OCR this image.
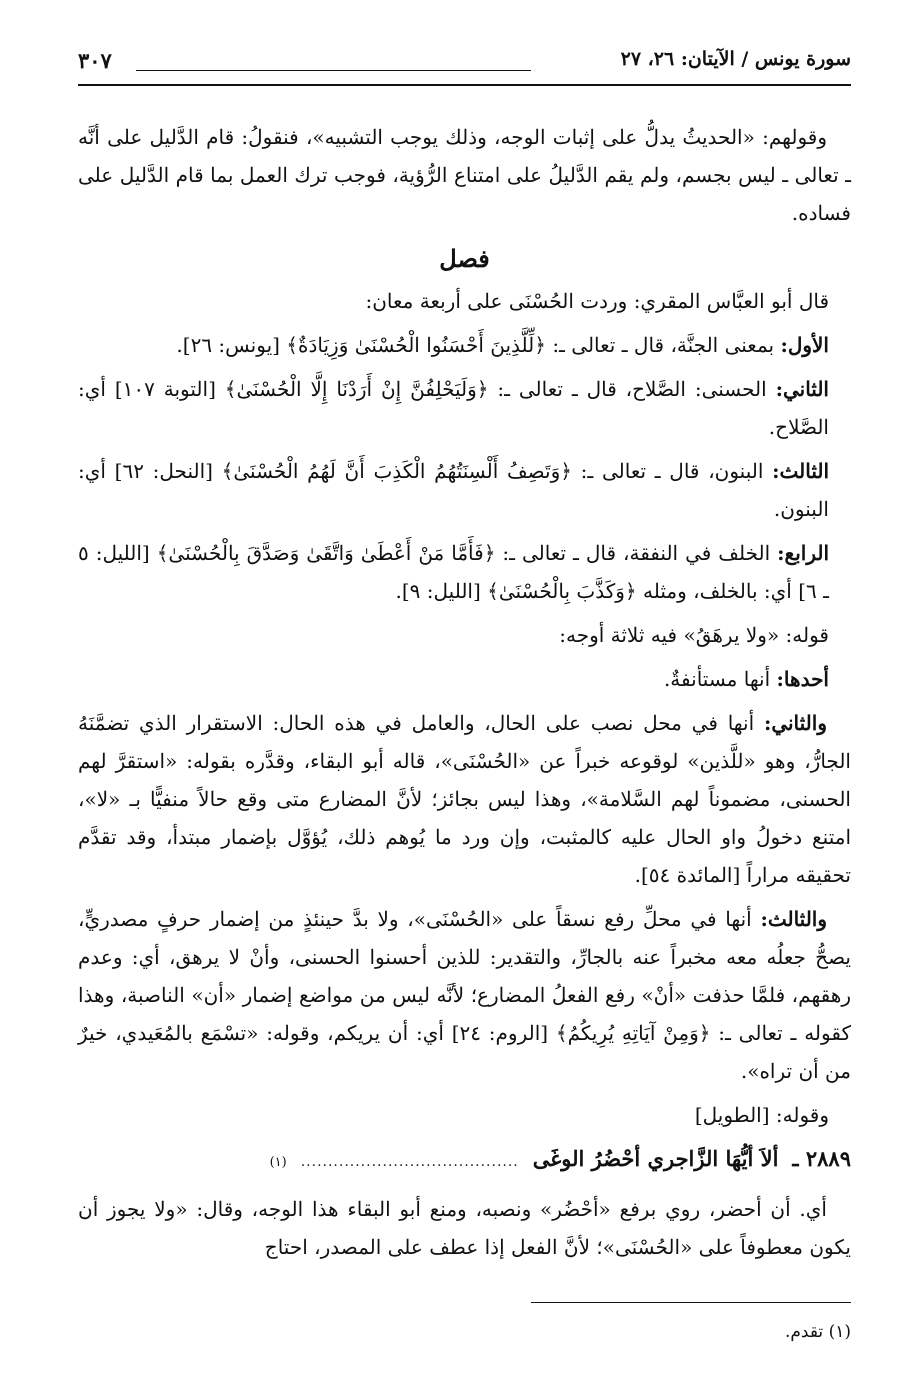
سورة يونس / الآيتان: ٢٦، ٢٧
٣٠٧

وقولهم: «الحديثُ يدلُّ على إثبات الوجه، وذلك يوجب التشبيه»، فنقولُ: قام الدَّليل على أنَّه ـ تعالى ـ ليس بجسم، ولم يقم الدَّليلُ على امتناع الرُّؤية، فوجب ترك العمل بما قام الدَّليل على فساده.

فصل

قال أبو العبَّاس المقري: وردت الحُسْنَى على أربعة معان:

الأول: بمعنى الجنَّة، قال ـ تعالى ـ: ﴿لِّلَّذِينَ أَحْسَنُوا الْحُسْنَىٰ وَزِيَادَةٌ﴾ [يونس: ٢٦].

الثاني: الحسنى: الصَّلاح، قال ـ تعالى ـ: ﴿وَلَيَحْلِفُنَّ إِنْ أَرَدْنَا إِلَّا الْحُسْنَىٰ﴾ [التوبة ١٠٧] أي: الصَّلاح.

الثالث: البنون، قال ـ تعالى ـ: ﴿وَتَصِفُ أَلْسِنَتُهُمُ الْكَذِبَ أَنَّ لَهُمُ الْحُسْنَىٰ﴾ [النحل: ٦٢] أي: البنون.

الرابع: الخلف في النفقة، قال ـ تعالى ـ: ﴿فَأَمَّا مَنْ أَعْطَىٰ وَاتَّقَىٰ وَصَدَّقَ بِالْحُسْنَىٰ﴾ [الليل: ٥ ـ ٦] أي: بالخلف، ومثله ﴿وَكَذَّبَ بِالْحُسْنَىٰ﴾ [الليل: ٩].

قوله: «ولا يرهَقُ» فيه ثلاثة أوجه:

أحدها: أنها مستأنفةٌ.

والثاني: أنها في محل نصب على الحال، والعامل في هذه الحال: الاستقرار الذي تضمَّنَهُ الجارُّ، وهو «للَّذين» لوقوعه خبراً عن «الحُسْنَى»، قاله أبو البقاء، وقدَّره بقوله: «استقرَّ لهم الحسنى، مضموناً لهم السَّلامة»، وهذا ليس بجائز؛ لأنَّ المضارع متى وقع حالاً منفيًّا بـ «لا»، امتنع دخولُ واو الحال عليه كالمثبت، وإن ورد ما يُوهم ذلك، يُؤوَّل بإضمار مبتدأ، وقد تقدَّم تحقيقه مراراً [المائدة ٥٤].

والثالث: أنها في محلِّ رفع نسقاً على «الحُسْنَى»، ولا بدَّ حينئذٍ من إضمار حرفٍ مصدريٍّ، يصحُّ جعلُه معه مخبراً عنه بالجارِّ، والتقدير: للذين أحسنوا الحسنى، وأنْ لا يرهق، أي: وعدم رهقهم، فلمَّا حذفت «أنْ» رفع الفعلُ المضارع؛ لأنَّه ليس من مواضع إضمار «أن» الناصبة، وهذا كقوله ـ تعالى ـ: ﴿وَمِنْ آيَاتِهِ يُرِيكُمُ﴾ [الروم: ٢٤] أي: أن يريكم، وقوله: «تسْمَع بالمُعَيدي، خيرٌ من أن تراه».

وقوله: [الطويل]

٢٨٨٩ ـ
ألاَ أيُّهَا الزَّاجري أحْضُرُ الوغَى
........................................
(١)

أي. أن أحضر، روي برفع «أحْضُر» ونصبه، ومنع أبو البقاء هذا الوجه، وقال: «ولا يجوز أن يكون معطوفاً على «الحُسْنَى»؛ لأنَّ الفعل إذا عطف على المصدر، احتاج

(١) تقدم.
